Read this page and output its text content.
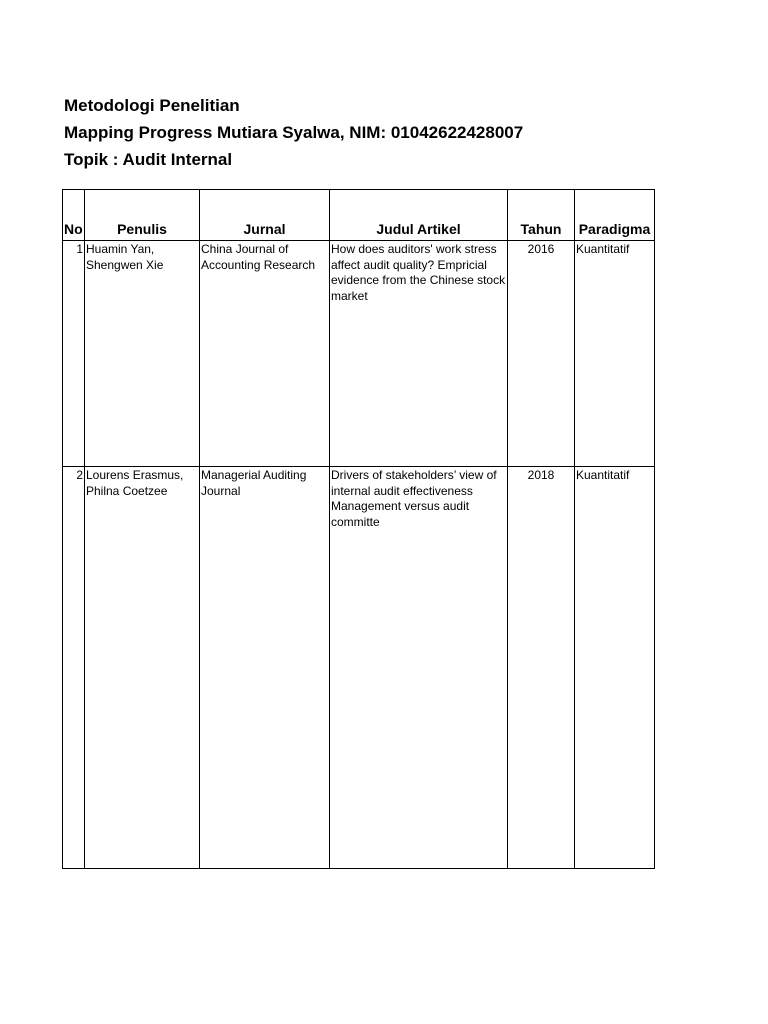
Metodologi Penelitian
Mapping Progress Mutiara Syalwa, NIM: 01042622428007
Topik : Audit Internal
No	Penulis	Jurnal	Judul Artikel	Tahun	Paradigma
1	Huamin Yan, Shengwen Xie	China Journal of
Accounting Research	How does auditors' work stress affect audit quality? Empricial evidence from the Chinese stock market	2016	Kuantitatif
2	Lourens Erasmus, Philna Coetzee	Managerial Auditing
Journal	Drivers of stakeholders’ view of internal audit effectiveness Management versus audit committe	2018	Kuantitatif
